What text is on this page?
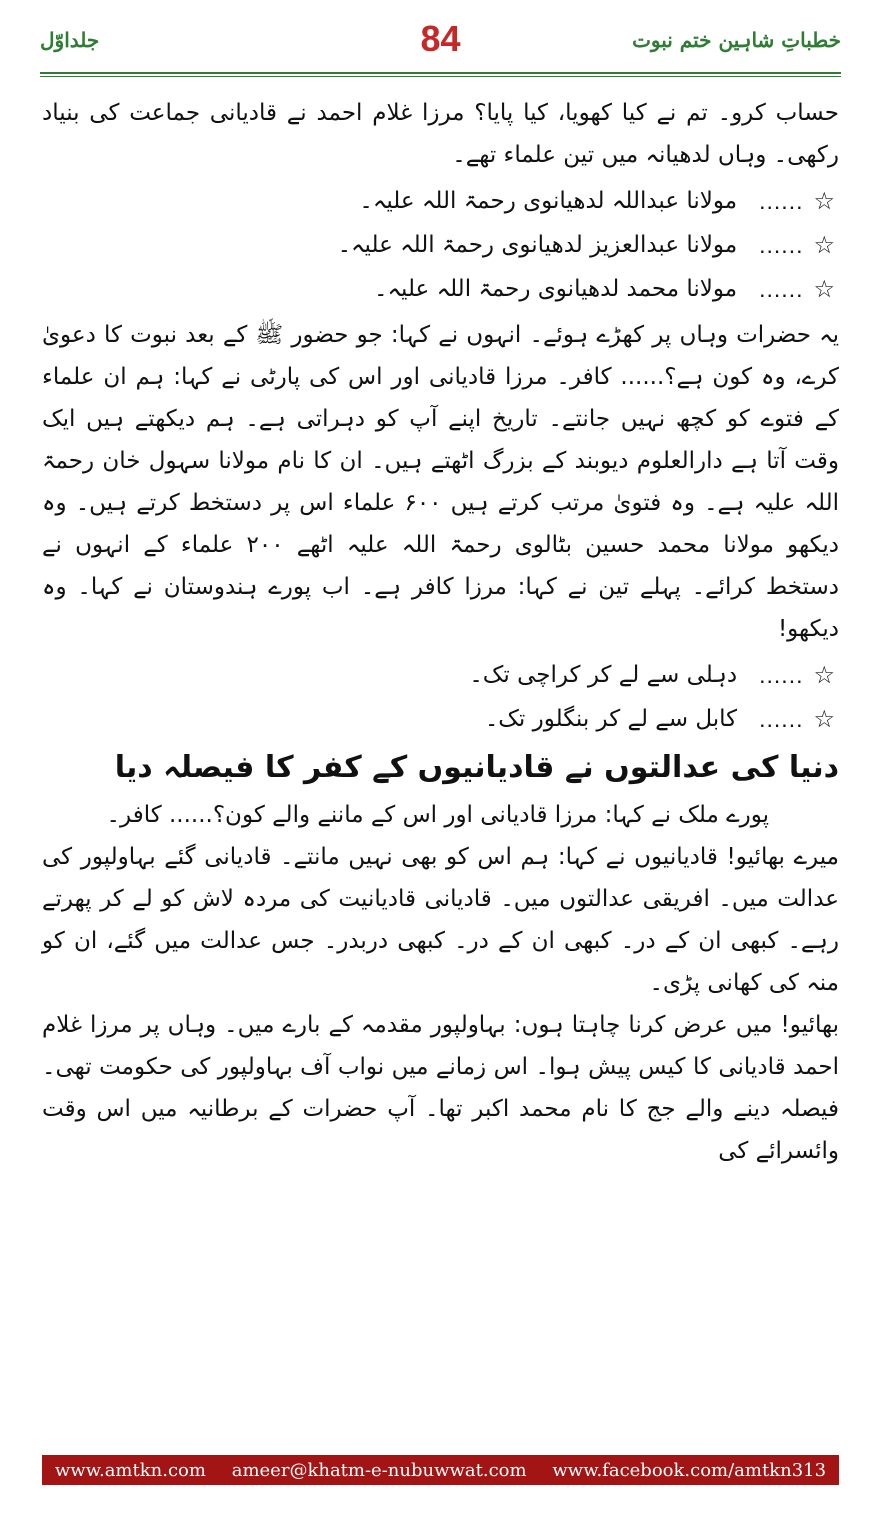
جلداوّل	84	خطباتِ شاہین ختم نبوت

حساب کرو۔ تم نے کیا کھویا، کیا پایا؟ مرزا غلام احمد نے قادیانی جماعت کی بنیاد رکھی۔ وہاں لدھیانہ میں تین علماء تھے۔

☆
......
مولانا عبداللہ لدھیانوی رحمۃ اللہ علیہ۔
☆
......
مولانا عبدالعزیز لدھیانوی رحمۃ اللہ علیہ۔
☆
......
مولانا محمد لدھیانوی رحمۃ اللہ علیہ۔

یہ حضرات وہاں پر کھڑے ہوئے۔ انہوں نے کہا: جو حضور ﷺ کے بعد نبوت کا دعویٰ کرے، وہ کون ہے؟...... کافر۔ مرزا قادیانی اور اس کی پارٹی نے کہا: ہم ان علماء کے فتوے کو کچھ نہیں جانتے۔ تاریخ اپنے آپ کو دہراتی ہے۔ ہم دیکھتے ہیں ایک وقت آتا ہے دارالعلوم دیوبند کے بزرگ اٹھتے ہیں۔ ان کا نام مولانا سہول خان رحمۃ اللہ علیہ ہے۔ وہ فتویٰ مرتب کرتے ہیں ۶۰۰ علماء اس پر دستخط کرتے ہیں۔ وہ دیکھو مولانا محمد حسین بٹالوی رحمۃ اللہ علیہ اٹھے ۲۰۰ علماء کے انہوں نے دستخط کرائے۔ پہلے تین نے کہا: مرزا کافر ہے۔ اب پورے ہندوستان نے کہا۔ وہ دیکھو!

☆
......
دہلی سے لے کر کراچی تک۔
☆
......
کابل سے لے کر بنگلور تک۔
دنیا کی عدالتوں نے قادیانیوں کے کفر کا فیصلہ دیا

پورے ملک نے کہا: مرزا قادیانی اور اس کے ماننے والے کون؟...... کافر۔

میرے بھائیو! قادیانیوں نے کہا: ہم اس کو بھی نہیں مانتے۔ قادیانی گئے بہاولپور کی عدالت میں۔ افریقی عدالتوں میں۔ قادیانی قادیانیت کی مردہ لاش کو لے کر پھرتے رہے۔ کبھی ان کے در۔ کبھی ان کے در۔ کبھی دربدر۔ جس عدالت میں گئے، ان کو منہ کی کھانی پڑی۔

بھائیو! میں عرض کرنا چاہتا ہوں: بہاولپور مقدمہ کے بارے میں۔ وہاں پر مرزا غلام احمد قادیانی کا کیس پیش ہوا۔ اس زمانے میں نواب آف بہاولپور کی حکومت تھی۔ فیصلہ دینے والے جج کا نام محمد اکبر تھا۔ آپ حضرات کے برطانیہ میں اس وقت وائسرائے کی

www.amtkn.com ameer@khatm-e-nubuwwat.com www.facebook.com/amtkn313
